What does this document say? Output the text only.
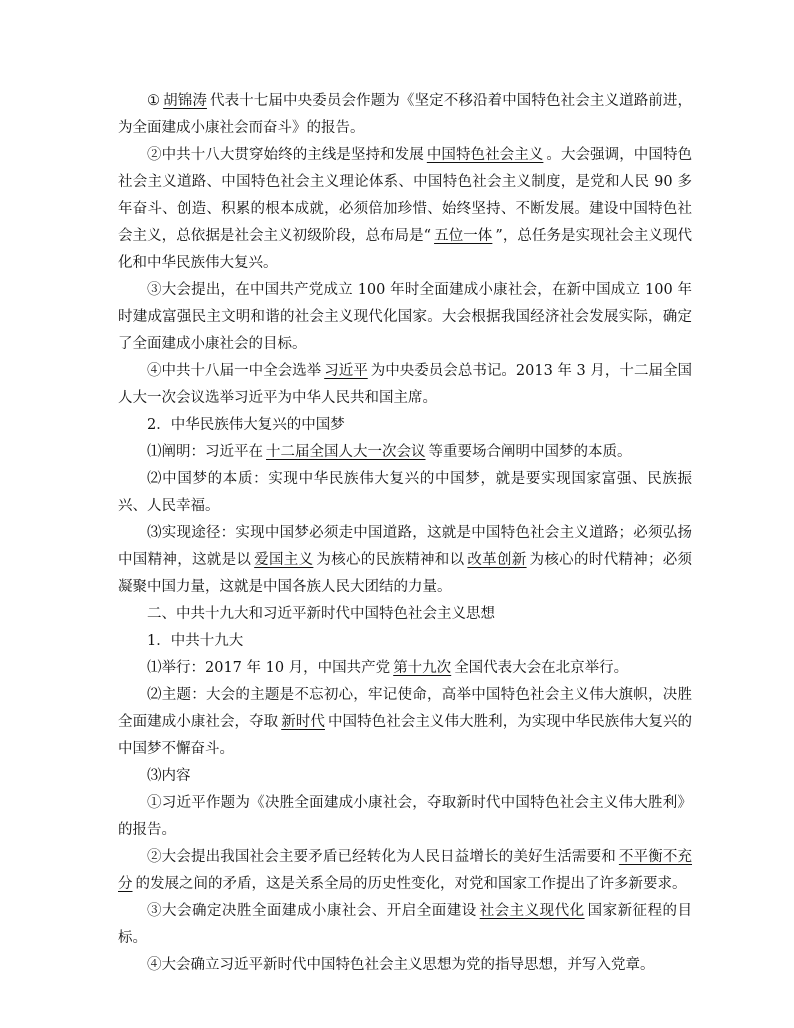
① 胡锦涛 代表十七届中央委员会作题为《坚定不移沿着中国特色社会主义道路前进，为全面建成小康社会而奋斗》的报告。

②中共十八大贯穿始终的主线是坚持和发展 中国特色社会主义 。大会强调，中国特色社会主义道路、中国特色社会主义理论体系、中国特色社会主义制度，是党和人民 90 多年奋斗、创造、积累的根本成就，必须倍加珍惜、始终坚持、不断发展。建设中国特色社会主义，总依据是社会主义初级阶段，总布局是“ 五位一体 ”，总任务是实现社会主义现代化和中华民族伟大复兴。

③大会提出，在中国共产党成立 100 年时全面建成小康社会，在新中国成立 100 年时建成富强民主文明和谐的社会主义现代化国家。大会根据我国经济社会发展实际，确定了全面建成小康社会的目标。

④中共十八届一中全会选举 习近平 为中央委员会总书记。2013 年 3 月，十二届全国人大一次会议选举习近平为中华人民共和国主席。

2．中华民族伟大复兴的中国梦

⑴阐明：习近平在 十二届全国人大一次会议 等重要场合阐明中国梦的本质。

⑵中国梦的本质：实现中华民族伟大复兴的中国梦，就是要实现国家富强、民族振兴、人民幸福。

⑶实现途径：实现中国梦必须走中国道路，这就是中国特色社会主义道路；必须弘扬中国精神，这就是以 爱国主义 为核心的民族精神和以 改革创新 为核心的时代精神；必须凝聚中国力量，这就是中国各族人民大团结的力量。

二、中共十九大和习近平新时代中国特色社会主义思想

1．中共十九大

⑴举行：2017 年 10 月，中国共产党 第十九次 全国代表大会在北京举行。

⑵主题：大会的主题是不忘初心，牢记使命，高举中国特色社会主义伟大旗帜，决胜全面建成小康社会，夺取 新时代 中国特色社会主义伟大胜利，为实现中华民族伟大复兴的中国梦不懈奋斗。

⑶内容

①习近平作题为《决胜全面建成小康社会，夺取新时代中国特色社会主义伟大胜利》的报告。

②大会提出我国社会主要矛盾已经转化为人民日益增长的美好生活需要和 不平衡不充分 的发展之间的矛盾，这是关系全局的历史性变化，对党和国家工作提出了许多新要求。

③大会确定决胜全面建成小康社会、开启全面建设 社会主义现代化 国家新征程的目标。

④大会确立习近平新时代中国特色社会主义思想为党的指导思想，并写入党章。
